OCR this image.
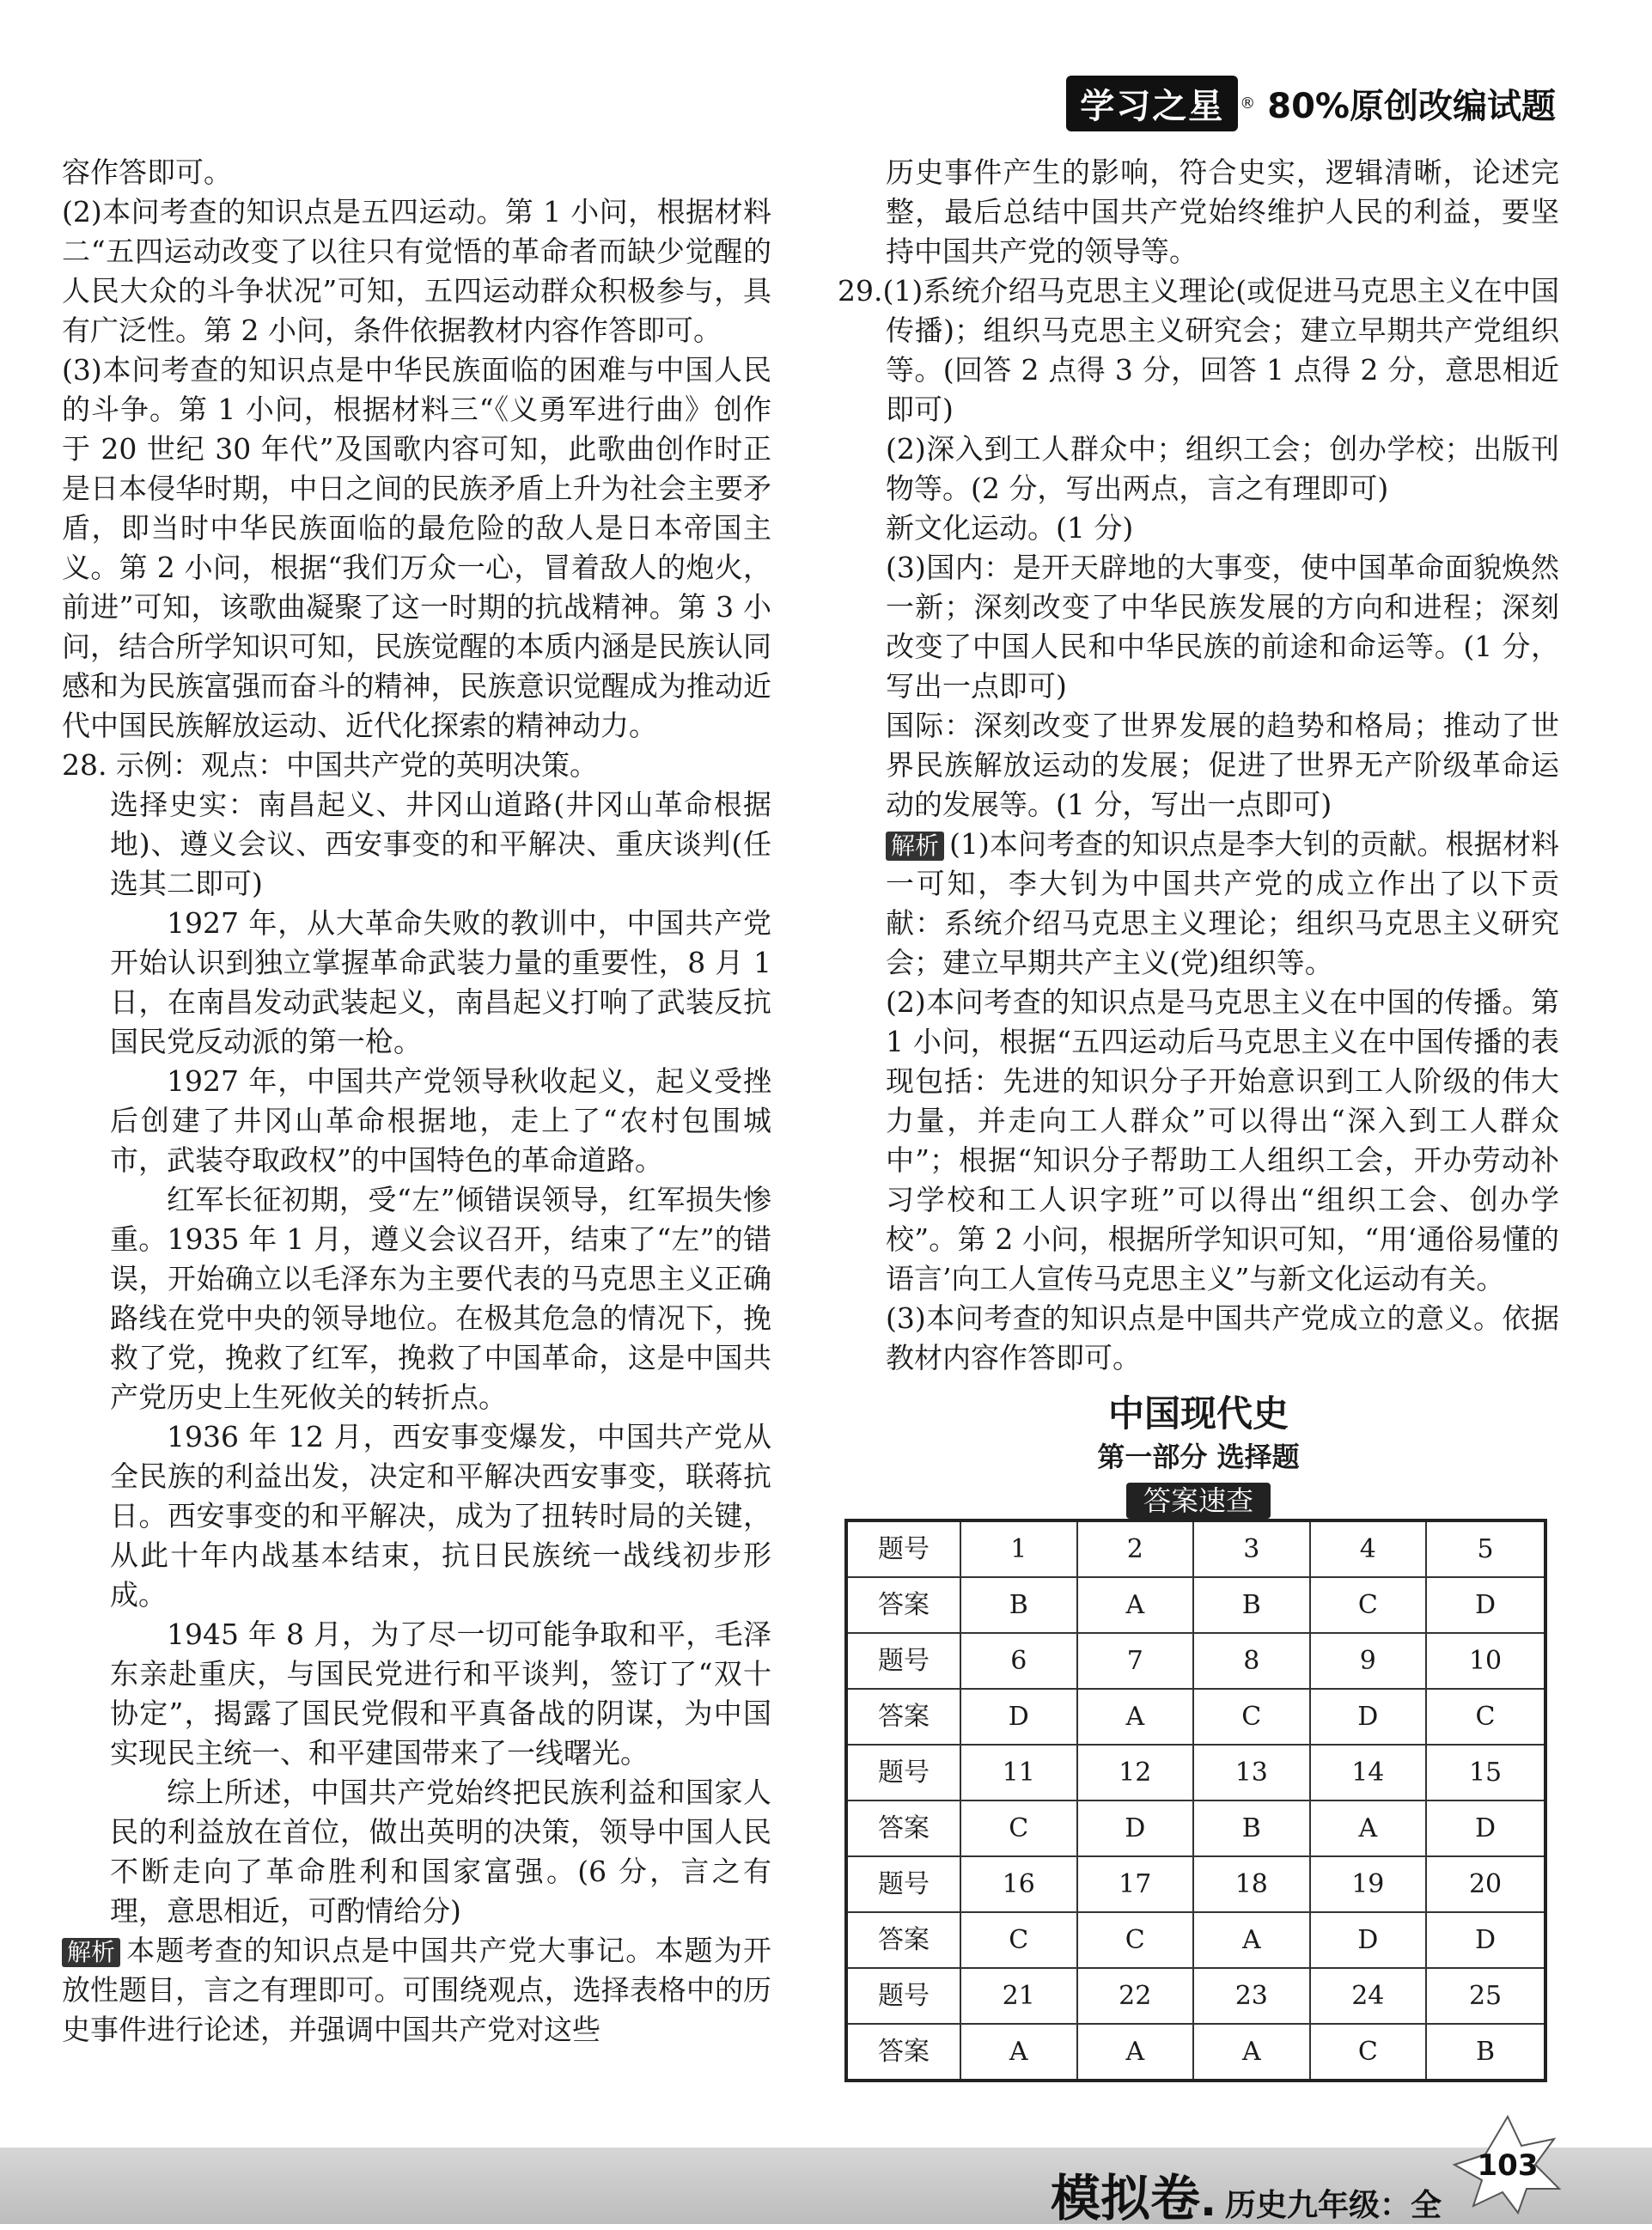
学习之星	® 80%原创改编试题

容作答即可。

(2)本问考查的知识点是五四运动。第 1 小问，根据材料二“五四运动改变了以往只有觉悟的革命者而缺少觉醒的人民大众的斗争状况”可知，五四运动群众积极参与，具有广泛性。第 2 小问，条件依据教材内容作答即可。

(3)本问考查的知识点是中华民族面临的困难与中国人民的斗争。第 1 小问，根据材料三“《义勇军进行曲》创作于 20 世纪 30 年代”及国歌内容可知，此歌曲创作时正是日本侵华时期，中日之间的民族矛盾上升为社会主要矛盾，即当时中华民族面临的最危险的敌人是日本帝国主义。第 2 小问，根据“我们万众一心，冒着敌人的炮火，前进”可知，该歌曲凝聚了这一时期的抗战精神。第 3 小问，结合所学知识可知，民族觉醒的本质内涵是民族认同感和为民族富强而奋斗的精神，民族意识觉醒成为推动近代中国民族解放运动、近代化探索的精神动力。

28. 示例：观点：中国共产党的英明决策。

选择史实：南昌起义、井冈山道路(井冈山革命根据地)、遵义会议、西安事变的和平解决、重庆谈判(任选其二即可)

1927 年，从大革命失败的教训中，中国共产党开始认识到独立掌握革命武装力量的重要性，8 月 1 日，在南昌发动武装起义，南昌起义打响了武装反抗国民党反动派的第一枪。

1927 年，中国共产党领导秋收起义，起义受挫后创建了井冈山革命根据地，走上了“农村包围城市，武装夺取政权”的中国特色的革命道路。

红军长征初期，受“左”倾错误领导，红军损失惨重。1935 年 1 月，遵义会议召开，结束了“左”的错误，开始确立以毛泽东为主要代表的马克思主义正确路线在党中央的领导地位。在极其危急的情况下，挽救了党，挽救了红军，挽救了中国革命，这是中国共产党历史上生死攸关的转折点。

1936 年 12 月，西安事变爆发，中国共产党从全民族的利益出发，决定和平解决西安事变，联蒋抗日。西安事变的和平解决，成为了扭转时局的关键，从此十年内战基本结束，抗日民族统一战线初步形成。

1945 年 8 月，为了尽一切可能争取和平，毛泽东亲赴重庆，与国民党进行和平谈判，签订了“双十协定”，揭露了国民党假和平真备战的阴谋，为中国实现民主统一、和平建国带来了一线曙光。

综上所述，中国共产党始终把民族利益和国家人民的利益放在首位，做出英明的决策，领导中国人民不断走向了革命胜利和国家富强。(6 分，言之有理，意思相近，可酌情给分)

解析 本题考查的知识点是中国共产党大事记。本题为开放性题目，言之有理即可。可围绕观点，选择表格中的历史事件进行论述，并强调中国共产党对这些

历史事件产生的影响，符合史实，逻辑清晰，论述完整，最后总结中国共产党始终维护人民的利益，要坚持中国共产党的领导等。

29.(1)系统介绍马克思主义理论(或促进马克思主义在中国传播)；组织马克思主义研究会；建立早期共产党组织等。(回答 2 点得 3 分，回答 1 点得 2 分，意思相近即可)

(2)深入到工人群众中；组织工会；创办学校；出版刊物等。(2 分，写出两点，言之有理即可)

新文化运动。(1 分)

(3)国内：是开天辟地的大事变，使中国革命面貌焕然一新；深刻改变了中华民族发展的方向和进程；深刻改变了中国人民和中华民族的前途和命运等。(1 分，写出一点即可)

国际：深刻改变了世界发展的趋势和格局；推动了世界民族解放运动的发展；促进了世界无产阶级革命运动的发展等。(1 分，写出一点即可)

解析 (1)本问考查的知识点是李大钊的贡献。根据材料一可知，李大钊为中国共产党的成立作出了以下贡献：系统介绍马克思主义理论；组织马克思主义研究会；建立早期共产主义(党)组织等。

(2)本问考查的知识点是马克思主义在中国的传播。第 1 小问，根据“五四运动后马克思主义在中国传播的表现包括：先进的知识分子开始意识到工人阶级的伟大力量，并走向工人群众”可以得出“深入到工人群众中”；根据“知识分子帮助工人组织工会，开办劳动补习学校和工人识字班”可以得出“组织工会、创办学校”。第 2 小问，根据所学知识可知，“用‘通俗易懂的语言’向工人宣传马克思主义”与新文化运动有关。

(3)本问考查的知识点是中国共产党成立的意义。依据教材内容作答即可。

中国现代史
第一部分 选择题
答案速查
题号	1	2	3	4	5
答案	B	A	B	C	D
题号	6	7	8	9	10
答案	D	A	C	D	C
题号	11	12	13	14	15
答案	C	D	B	A	D
题号	16	17	18	19	20
答案	C	C	A	D	D
题号	21	22	23	24	25
答案	A	A	A	C	B
模拟卷 . 历史九年级：全
103
